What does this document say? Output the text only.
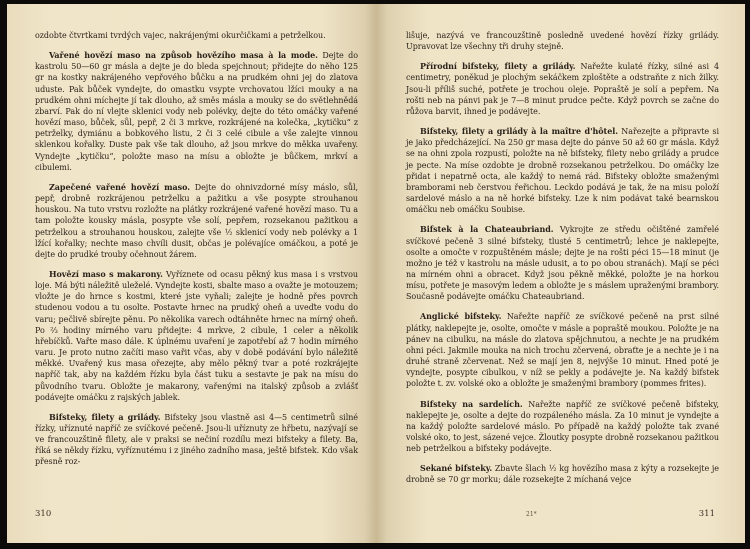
ozdobte čtvrtkami tvrdých vajec, nakrájenými okurčičkami a petrželkou.

Vařené hovězí maso na způsob hovězího masa à la mode. Dejte do kastrolu 50—60 gr másla a dejte je do bleda spejchnout; přidejte do něho 125 gr na kostky nakrájeného vepřového bůčku a na prudkém ohni jej do zlatova uduste. Pak bůček vyndejte, do omastku vsypte vrchovatou lžíci mouky a na prudkém ohni míchejte jí tak dlouho, až směs másla a mouky se do světlehnědá zbarví. Pak do ní vlejte sklenici vody neb polévky, dejte do této omáčky vařené hovězí maso, bůček, sůl, pepř, 2 či 3 mrkve, rozkrájené na kolečka, „kytičku“ z petrželky, dymiánu a bobkového listu, 2 či 3 celé cibule a vše zalejte vinnou sklenkou kořalky. Duste pak vše tak dlouho, až jsou mrkve do měkka uvařeny. Vyndejte „kytičku“, položte maso na mísu a obložte je bůčkem, mrkví a cibulemi.

Zapečené vařené hovězí maso. Dejte do ohnivzdorné mísy máslo, sůl, pepř, drobně rozkrájenou petrželku a pažitku a vše posypte strouhanou houskou. Na tuto vrstvu rozložte na plátky rozkrájené vařené hovězí maso. Tu a tam položte kousky másla, posypte vše solí, pepřem, rozsekanou pažitkou a petrželkou a strouhanou houskou, zalejte vše ½ sklenicí vody neb polévky a 1 lžící kořalky; nechte maso chvíli dusit, občas je polévajíce omáčkou, a poté je dejte do prudké trouby očehnout žárem.

Hovězí maso s makarony. Vyříznete od ocasu pěkný kus masa i s vrstvou loje. Má býti náležitě uleželé. Vyndejte kosti, sbalte maso a ovažte je motouzem; vložte je do hrnce s kostmi, které jste vyňali; zalejte je hodně přes povrch studenou vodou a tu osolte. Postavte hrnec na prudký oheň a uveďte vodu do varu; pečlivě sbírejte pěnu. Po několika varech odtáhněte hrnec na mírný oheň. Po ⅔ hodiny mírného varu přidejte: 4 mrkve, 2 cibule, 1 celer a několik hřebíčků. Vařte maso dále. K úplnému uvaření je zapotřebí až 7 hodin mírného varu. Je proto nutno začíti maso vařit včas, aby v době podávání bylo náležitě měkké. Uvařený kus masa ořezejte, aby mělo pěkný tvar a poté rozkrájejte napříč tak, aby na každém řízku byla část tuku a sestavte je pak na mísu do původního tvaru. Obložte je makarony, vařenými na italský způsob a zvlášť podávejte omáčku z rajských jablek.

Bifsteky, filety a grilády. Bifsteky jsou vlastně asi 4—5 centimetrů silné řízky, uříznuté napříč ze svíčkové pečeně. Jsou-li uříznuty ze hřbetu, nazývají se ve francouzštině filety, ale v praksi se nečiní rozdílu mezi bifsteky a filety. Ba, říká se někdy řízku, vyříznutému i z jiného zadního masa, ještě bifstek. Kdo však přesně roz-

310

lišuje, nazývá ve francouzštině posledně uvedené hovězí řízky grilády. Upravovat lze všechny tři druhy stejně.

Přírodní bifsteky, filety a grilády. Nařežte kulaté řízky, silné asi 4 centimetry, poněkud je plochým sekáčkem zploštěte a odstraňte z nich žilky. Jsou-li příliš suché, potřete je trochou oleje. Popraště je solí a pepřem. Na rošti neb na pánvi pak je 7—8 minut prudce pečte. Když povrch se začne do růžova barvit, ihned je podávejte.

Bifsteky, filety a grilády à la maître d'hôtel. Nařezejte a připravte si je jako předcházející. Na 250 gr masa dejte do pánve 50 až 60 gr másla. Když se na ohni zpola rozpustí, položte na ně bifsteky, filety nebo grilády a prudce je pecte. Na míse ozdobte je drobně rozsekanou petrželkou. Do omáčky lze přidat i nepatrně octa, ale každý to nemá rád. Bifsteky obložte smaženými bramborami neb čerstvou řeřichou. Leckdo podává je tak, že na misu položí sardelové máslo a na ně horké bifsteky. Lze k nim podávat také bearnskou omáčku neb omáčku Soubise.

Bifstek à la Chateaubriand. Vykrojte ze středu očištěné zamřelé svíčkové pečeně 3 silné bifsteky, tlusté 5 centimetrů; lehce je naklepejte, osolte a omočte v rozpuštěném másle; dejte je na rošti péci 15—18 minut (je možno je též v kastrolu na másle udusit, a to po obou stranách). Mají se péci na mírném ohni a obracet. Když jsou pěkně měkké, položte je na horkou mísu, potřete je masovým ledem a obložte je s máslem upraženými brambory. Současně podávejte omáčku Chateaubriand.

Anglické bifsteky. Nařežte napříč ze svíčkové pečeně na prst silné plátky, naklepejte je, osolte, omočte v másle a popraště moukou. Položte je na pánev na cibulku, na másle do zlatova spějchnutou, a nechte je na prudkém ohni péci. Jakmile mouka na nich trochu zčervená, obraťte je a nechte je i na druhé straně zčervenat. Než se mají jen 8, nejvýše 10 minut. Hned poté je vyndejte, posypte cibulkou, v níž se pekly a podávejte je. Na každý bifstek položte t. zv. volské oko a obložte je smaženými brambory (pommes frites).

Bifsteky na sardelích. Nařežte napříč ze svíčkové pečeně bifsteky, naklepejte je, osolte a dejte do rozpáleného másla. Za 10 minut je vyndejte a na každý položte sardelové máslo. Po případě na každý položte tak zvané volské oko, to jest, sázené vejce. Žloutky posypte drobně rozsekanou pažitkou neb petrželkou a bifsteky podávejte.

Sekané bifsteky. Zbavte šlach ½ kg hovězího masa z kýty a rozsekejte je drobně se 70 gr morku; dále rozsekejte 2 míchaná vejce

21*	311
